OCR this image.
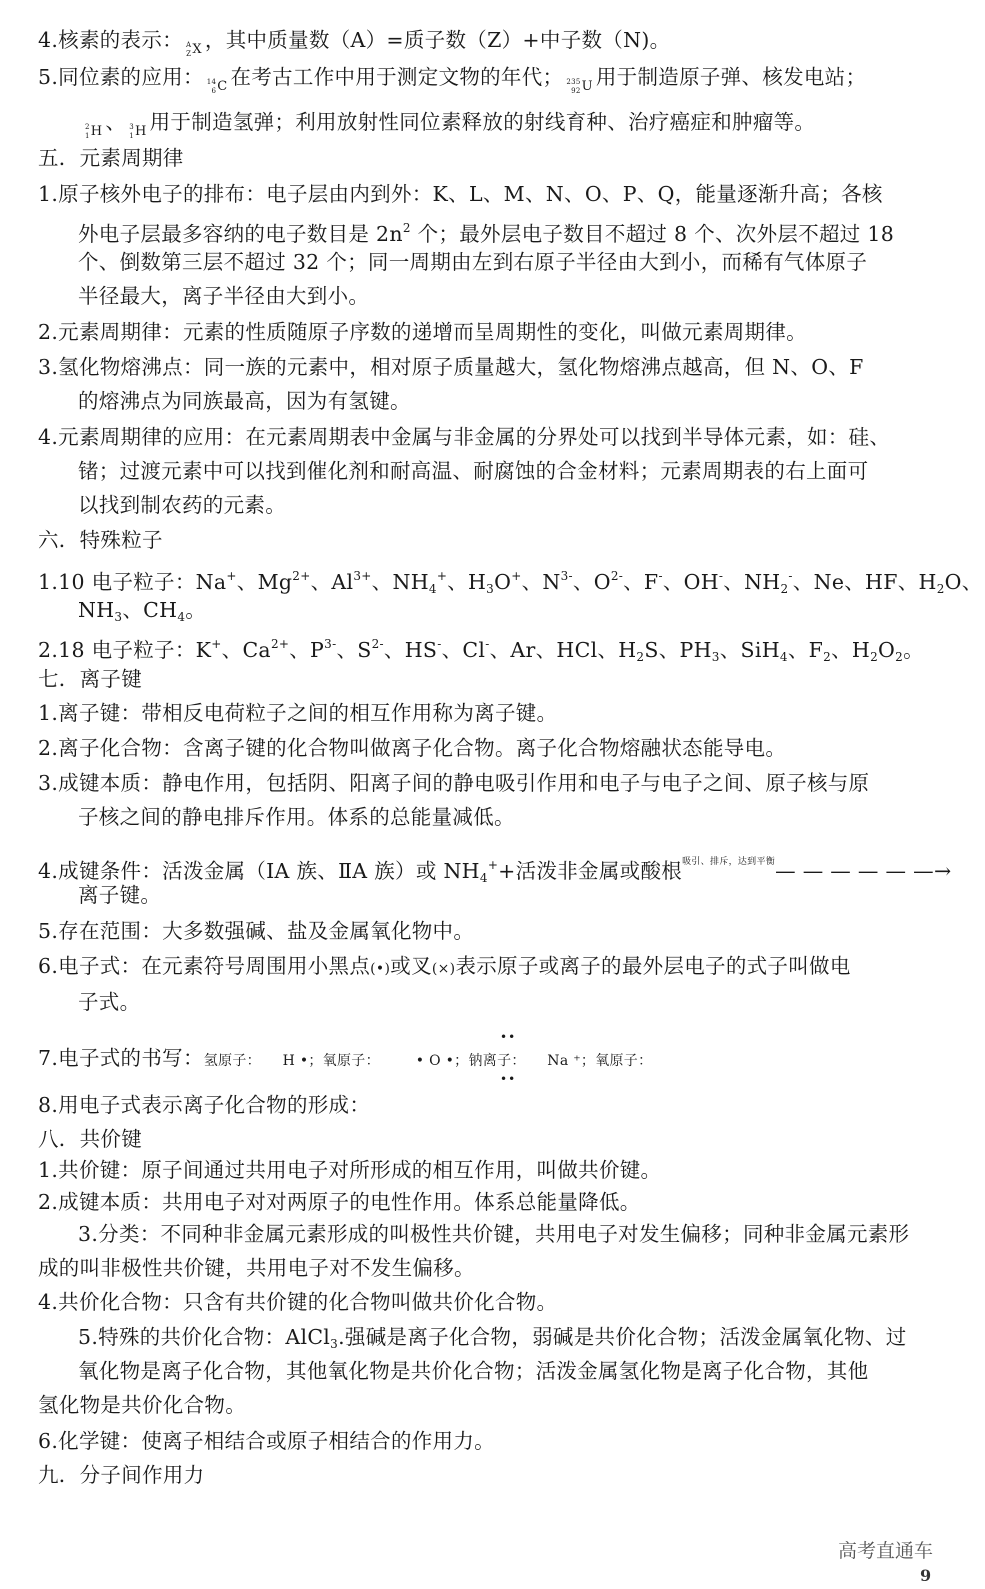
4.核素的表示： A
Z X ，其中质量数（A）=质子数（Z）+中子数（N)。
5.同位素的应用： 14
6 C 在考古工作中用于测定文物的年代； 235
92 U 用于制造原子弹、核发电站；
2
1 H 、 3
1 H 用于制造氢弹；利用放射性同位素释放的射线育种、治疗癌症和肿瘤等。
五．元素周期律
1.原子核外电子的排布：电子层由内到外：K、L、M、N、O、P、Q，能量逐渐升高；各核
外电子层最多容纳的电子数目是 $2n^2$ 个；最外层电子数目不超过 8 个、次外层不超过 18
个、倒数第三层不超过 32 个；同一周期由左到右原子半径由大到小，而稀有气体原子
半径最大，离子半径由大到小。
2.元素周期律：元素的性质随原子序数的递增而呈周期性的变化，叫做元素周期律。
3.氢化物熔沸点：同一族的元素中，相对原子质量越大，氢化物熔沸点越高，但 N、O、F
的熔沸点为同族最高，因为有氢键。
4.元素周期律的应用：在元素周期表中金属与非金属的分界处可以找到半导体元素，如：硅、
锗；过渡元素中可以找到催化剂和耐高温、耐腐蚀的合金材料；元素周期表的右上面可
以找到制农药的元素。
六．特殊粒子
1.10 电子粒子：Na+、$Mg^{2+}$、$Al^{3+}$、$NH_4^+$、$H_3O^+$、$N^{3-}$、$O^{2-}$、F-、OH-、$NH_2^-$、Ne、HF、$H_2O$、
$NH_3$、$CH_4$。
2.18 电子粒子：K+、$Ca^{2+}$、$P^{3-}$、$S^{2-}$、HS-、Cl-、Ar、HCl、$H_2S$、$PH_3$、SiH$_4$、$F_2$、$H_2O_2$。
七．离子键
1.离子键：带相反电荷粒子之间的相互作用称为离子键。
2.离子化合物：含离子键的化合物叫做离子化合物。离子化合物熔融状态能导电。
3.成键本质：静电作用，包括阴、阳离子间的静电吸引作用和电子与电子之间、原子核与原
子核之间的静电排斥作用。体系的总能量减低。
4.成键条件：活泼金属（ⅠA 族、ⅡA 族）或 $NH_4^++$活泼非金属或酸根$^{吸引、排斥,达到平衡}$— — — — — —→
离子键。
5.存在范围：大多数强碱、盐及金属氧化物中。
6.电子式：在元素符号周围用小黑点(•)或叉(×)表示原子或离子的最外层电子的式子叫做电
子式。
7.电子式的书写：氢原子：　　H •；氧原子：　　　• O •；钠离子：　　Na ⁺；氧原子：
8.用电子式表示离子化合物的形成：
八．共价键
1.共价键：原子间通过共用电子对所形成的相互作用，叫做共价键。
2.成键本质：共用电子对对两原子的电性作用。体系总能量降低。
3.分类：不同种非金属元素形成的叫极性共价键，共用电子对发生偏移；同种非金属元素形
成的叫非极性共价键，共用电子对不发生偏移。
4.共价化合物：只含有共价键的化合物叫做共价化合物。
5.特殊的共价化合物：AlCl$_3$.强碱是离子化合物，弱碱是共价化合物；活泼金属氧化物、过
氧化物是离子化合物，其他氧化物是共价化合物；活泼金属氢化物是离子化合物，其他
氢化物是共价化合物。
6.化学键：使离子相结合或原子相结合的作用力。
九．分子间作用力
••
••
高考直通车
9
